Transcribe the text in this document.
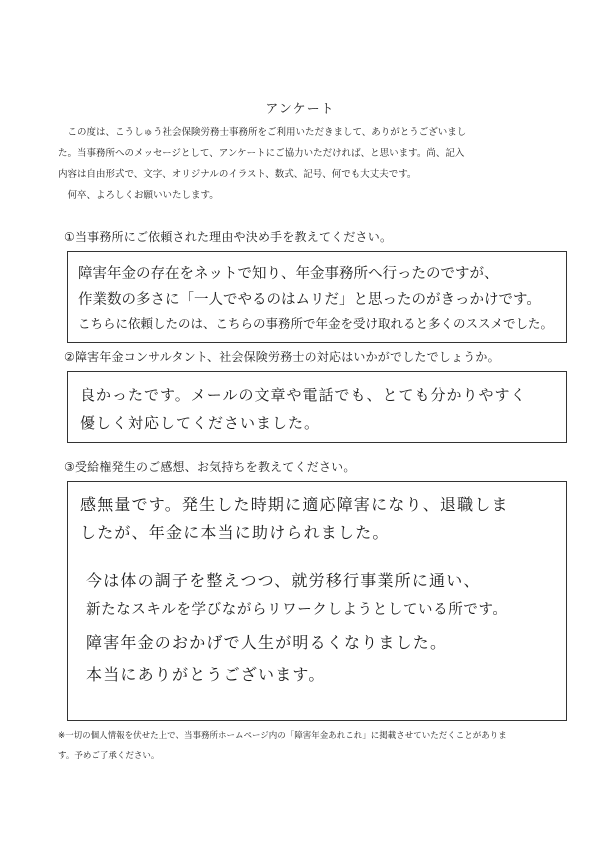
アンケート
　この度は、こうしゅう社会保険労務士事務所をご利用いただきまして、ありがとうございまし
た。当事務所へのメッセージとして、アンケートにご協力いただければ、と思います。尚、記入
内容は自由形式で、文字、オリジナルのイラスト、数式、記号、何でも大丈夫です。
　何卒、よろしくお願いいたします。
①当事務所にご依頼された理由や決め手を教えてください。
障害年金の存在をネットで知り、年金事務所へ行ったのですが、
作業数の多さに「一人でやるのはムリだ」と思ったのがきっかけです。
こちらに依頼したのは、こちらの事務所で年金を受け取れると多くのススメでした。
②障害年金コンサルタント、社会保険労務士の対応はいかがでしたでしょうか。
良かったです。メールの文章や電話でも、とても分かりやすく
優しく対応してくださいました。
③受給権発生のご感想、お気持ちを教えてください。
感無量です。発生した時期に適応障害になり、退職しま
したが、年金に本当に助けられました。
今は体の調子を整えつつ、就労移行事業所に通い、
新たなスキルを学びながらリワークしようとしている所です。
障害年金のおかげで人生が明るくなりました。
本当にありがとうございます。
※一切の個人情報を伏せた上で、当事務所ホームページ内の「障害年金あれこれ」に掲載させていただくことがありま
す。予めご了承ください。
